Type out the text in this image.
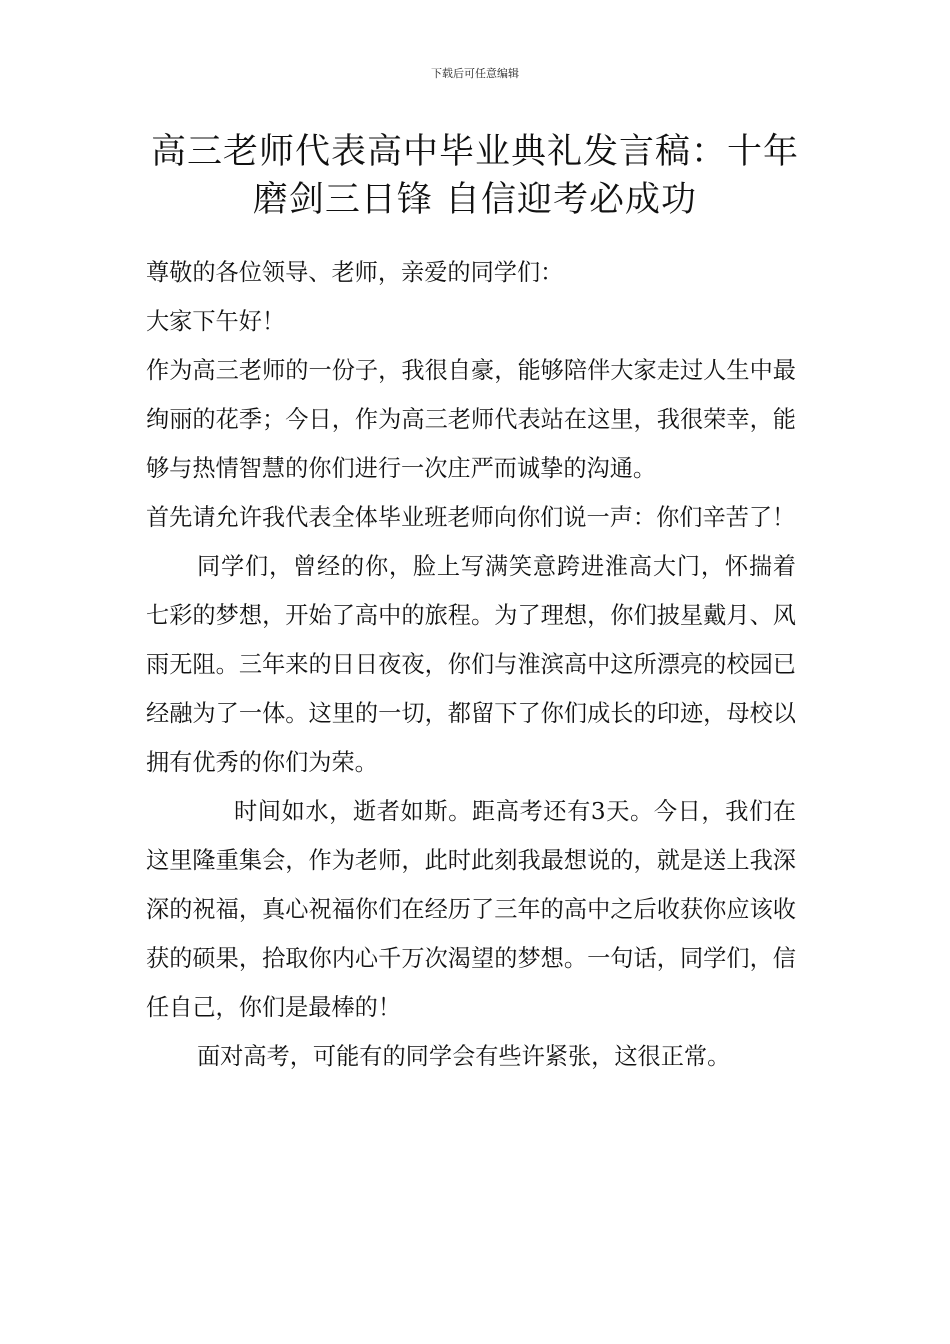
下载后可任意编辑
高三老师代表高中毕业典礼发言稿：十年
磨剑三日锋 自信迎考必成功

尊敬的各位领导、老师，亲爱的同学们：

大家下午好！

作为高三老师的一份子，我很自豪，能够陪伴大家走过人生中最绚丽的花季；今日，作为高三老师代表站在这里，我很荣幸，能够与热情智慧的你们进行一次庄严而诚挚的沟通。

首先请允许我代表全体毕业班老师向你们说一声：你们辛苦了！

同学们，曾经的你，脸上写满笑意跨进淮高大门，怀揣着七彩的梦想，开始了高中的旅程。为了理想，你们披星戴月、风雨无阻。三年来的日日夜夜，你们与淮滨高中这所漂亮的校园已经融为了一体。这里的一切，都留下了你们成长的印迹，母校以拥有优秀的你们为荣。

时间如水，逝者如斯。距高考还有3天。今日，我们在这里隆重集会，作为老师，此时此刻我最想说的，就是送上我深深的祝福，真心祝福你们在经历了三年的高中之后收获你应该收获的硕果，拾取你内心千万次渴望的梦想。一句话，同学们，信任自己，你们是最棒的！

面对高考，可能有的同学会有些许紧张，这很正常。
